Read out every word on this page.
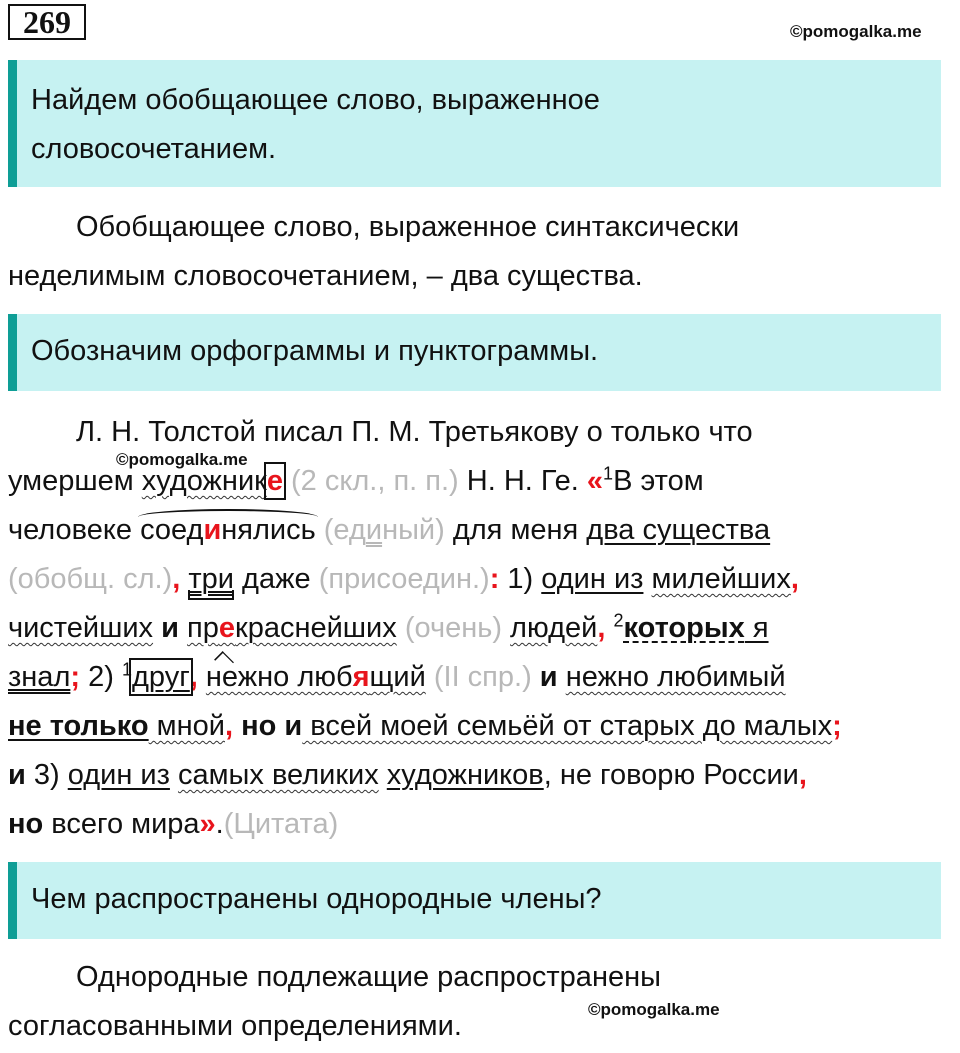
269	©pomogalka.me
Найдем обобщающее слово, выраженное
словосочетанием.
Обобщающее слово, выраженное синтаксически
неделимым словосочетанием, – два существа.
Обозначим орфограммы и пунктограммы.
Л. Н. Толстой писал П. М. Третьякову о только что
умершем художнике (2 скл., п. п.) Н. Н. Ге. «$^1$В этом
человеке соединялись (единый) для меня два существа
(обобщ. сл.), три даже (присоедин.): 1) один из милейших,
чистейших и прекраснейших (очень) людей, $^2$которых я
знал; 2) $^1$друг, нежно любящий (II спр.) и нежно любимый
не только мной, но и всей моей семьёй от старых до малых;
и 3) один из самых великих художников, не говорю России,
но всего мира».(Цитата)
©pomogalka.me
Чем распространены однородные члены?
Однородные подлежащие распространены
согласованными определениями.
©pomogalka.me
